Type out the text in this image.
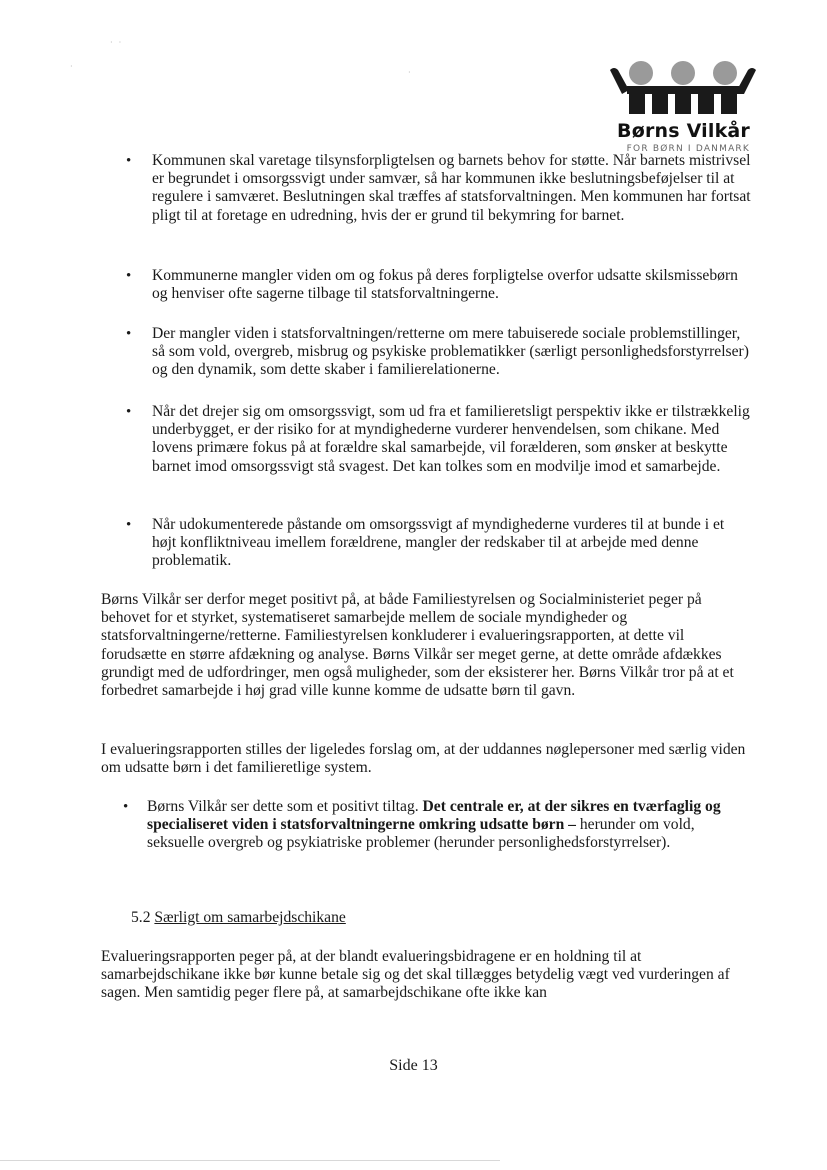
·   ·
·
·
Børns Vilkår
FOR BØRN I DANMARK
• Kommunen skal varetage tilsynsforpligtelsen og barnets behov for støtte. Når barnets mistrivsel er begrundet i omsorgssvigt under samvær, så har kommunen ikke beslutningsbeføjelser til at regulere i samværet. Beslutningen skal træffes af statsforvaltningen. Men kommunen har fortsat pligt til at foretage en udredning, hvis der er grund til bekymring for barnet.
• Kommunerne mangler viden om og fokus på deres forpligtelse overfor udsatte skilsmissebørn og henviser ofte sagerne tilbage til statsforvaltningerne.
• Der mangler viden i statsforvaltningen/retterne om mere tabuiserede sociale problemstillinger, så som vold, overgreb, misbrug og psykiske problematikker (særligt personlighedsforstyrrelser) og den dynamik, som dette skaber i familierelationerne.
• Når det drejer sig om omsorgssvigt, som ud fra et familieretsligt perspektiv ikke er tilstrækkelig underbygget, er der risiko for at myndighederne vurderer henvendelsen, som chikane. Med lovens primære fokus på at forældre skal samarbejde, vil forælderen, som ønsker at beskytte barnet imod omsorgssvigt stå svagest. Det kan tolkes som en modvilje imod et samarbejde.
• Når udokumenterede påstande om omsorgssvigt af myndighederne vurderes til at bunde i et højt konfliktniveau imellem forældrene, mangler der redskaber til at arbejde med denne problematik.
Børns Vilkår ser derfor meget positivt på, at både Familiestyrelsen og Socialministeriet peger på behovet for et styrket, systematiseret samarbejde mellem de sociale myndigheder og statsforvaltningerne/retterne. Familiestyrelsen konkluderer i evalueringsrapporten, at dette vil forudsætte en større afdækning og analyse. Børns Vilkår ser meget gerne, at dette område afdækkes grundigt med de udfordringer, men også muligheder, som der eksisterer her. Børns Vilkår tror på at et forbedret samarbejde i høj grad ville kunne komme de udsatte børn til gavn.
I evalueringsrapporten stilles der ligeledes forslag om, at der uddannes nøglepersoner med særlig viden om udsatte børn i det familieretlige system.
• Børns Vilkår ser dette som et positivt tiltag. Det centrale er, at der sikres en tværfaglig og specialiseret viden i statsforvaltningerne omkring udsatte børn – herunder om vold, seksuelle overgreb og psykiatriske problemer (herunder personlighedsforstyrrelser).
5.2 Særligt om samarbejdschikane
Evalueringsrapporten peger på, at der blandt evalueringsbidragene er en holdning til at samarbejdschikane ikke bør kunne betale sig og det skal tillægges betydelig vægt ved vurderingen af sagen. Men samtidig peger flere på, at samarbejdschikane ofte ikke kan
Side 13
